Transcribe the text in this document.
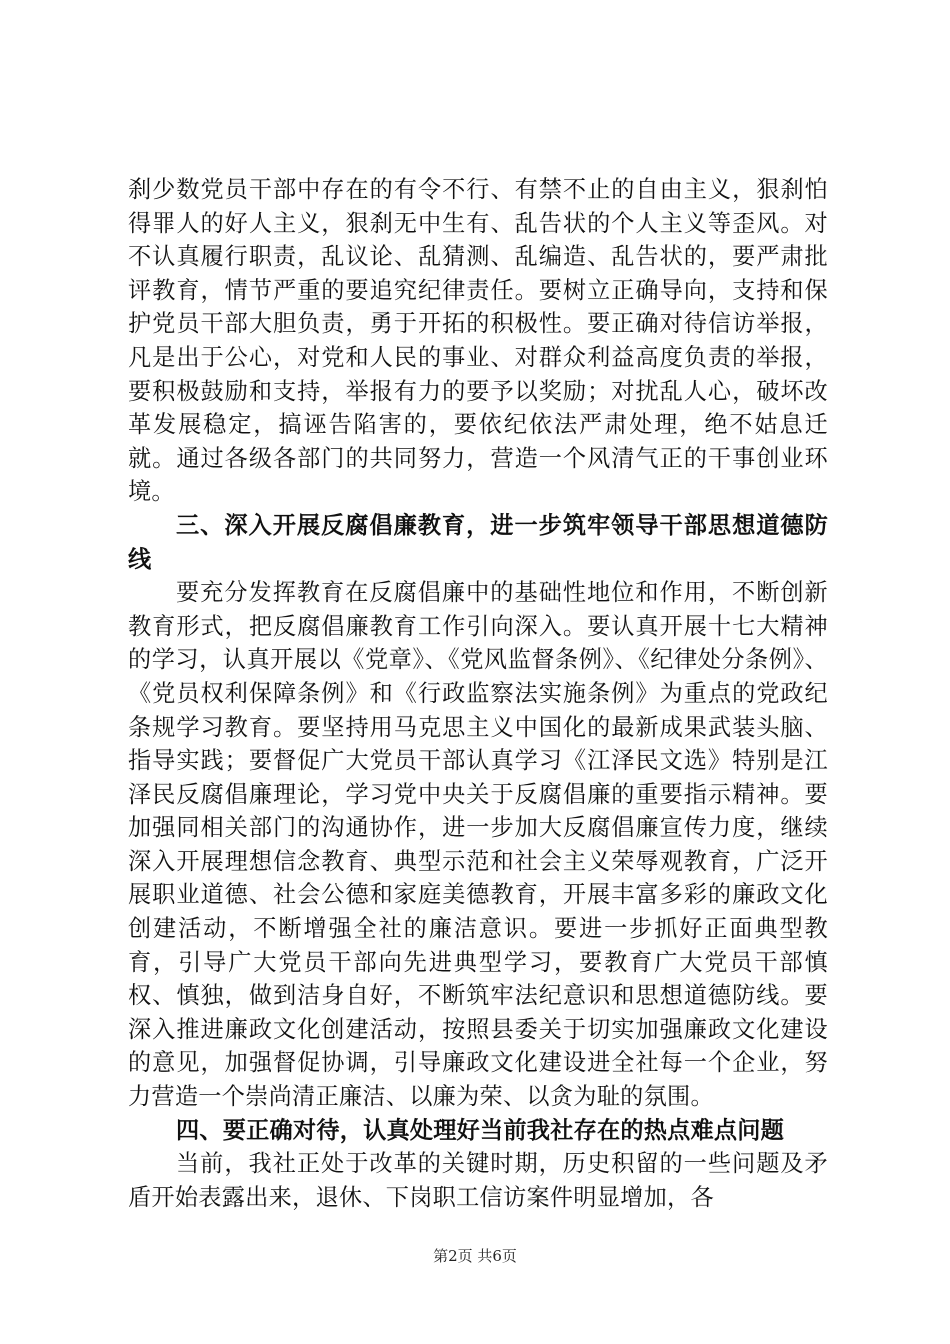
刹少数党员干部中存在的有令不行、有禁不止的自由主义，狠刹怕得罪人的好人主义，狠刹无中生有、乱告状的个人主义等歪风。对不认真履行职责，乱议论、乱猜测、乱编造、乱告状的，要严肃批评教育，情节严重的要追究纪律责任。要树立正确导向，支持和保护党员干部大胆负责，勇于开拓的积极性。要正确对待信访举报，凡是出于公心，对党和人民的事业、对群众利益高度负责的举报，要积极鼓励和支持，举报有力的要予以奖励；对扰乱人心，破坏改革发展稳定，搞诬告陷害的，要依纪依法严肃处理，绝不姑息迁就。通过各级各部门的共同努力，营造一个风清气正的干事创业环境。

三、深入开展反腐倡廉教育，进一步筑牢领导干部思想道德防线

要充分发挥教育在反腐倡廉中的基础性地位和作用，不断创新教育形式，把反腐倡廉教育工作引向深入。要认真开展十七大精神的学习，认真开展以《党章》、《党风监督条例》、《纪律处分条例》、《党员权利保障条例》和《行政监察法实施条例》为重点的党政纪条规学习教育。要坚持用马克思主义中国化的最新成果武装头脑、指导实践；要督促广大党员干部认真学习《江泽民文选》特别是江泽民反腐倡廉理论，学习党中央关于反腐倡廉的重要指示精神。要加强同相关部门的沟通协作，进一步加大反腐倡廉宣传力度，继续深入开展理想信念教育、典型示范和社会主义荣辱观教育，广泛开展职业道德、社会公德和家庭美德教育，开展丰富多彩的廉政文化创建活动，不断增强全社的廉洁意识。要进一步抓好正面典型教育，引导广大党员干部向先进典型学习，要教育广大党员干部慎权、慎独，做到洁身自好，不断筑牢法纪意识和思想道德防线。要深入推进廉政文化创建活动，按照县委关于切实加强廉政文化建设的意见，加强督促协调，引导廉政文化建设进全社每一个企业，努力营造一个崇尚清正廉洁、以廉为荣、以贪为耻的氛围。

四、要正确对待，认真处理好当前我社存在的热点难点问题

当前，我社正处于改革的关键时期，历史积留的一些问题及矛盾开始表露出来，退休、下岗职工信访案件明显增加，各

第2页 共6页
